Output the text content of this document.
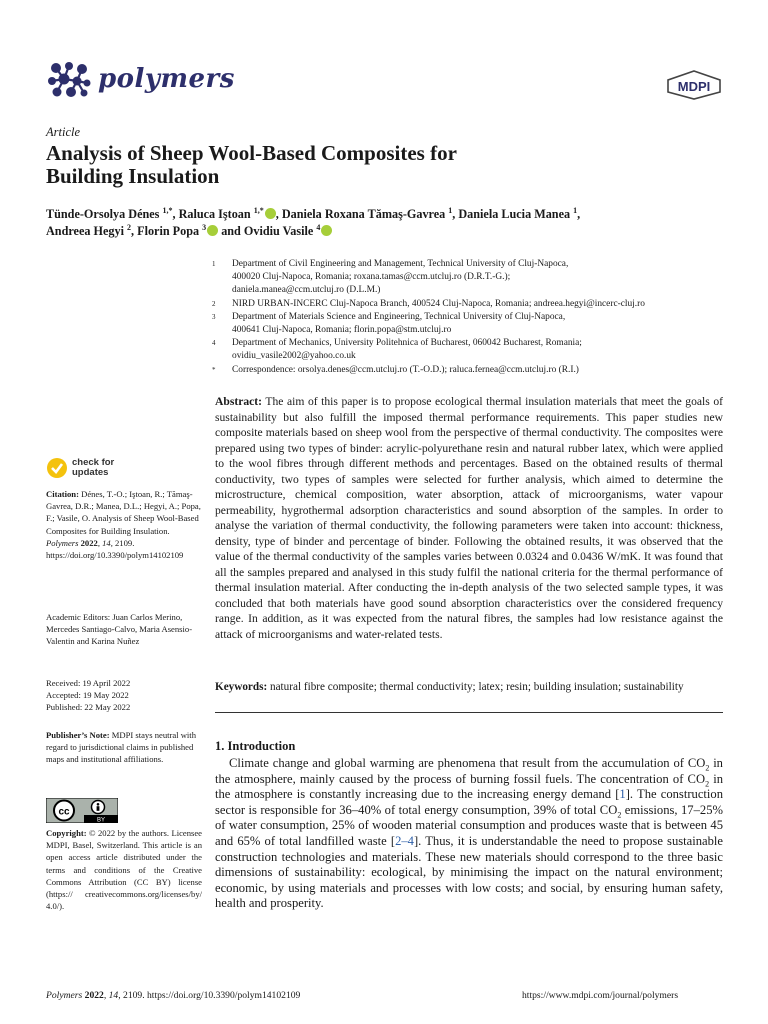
polymers	MDPI
Article
Analysis of Sheep Wool-Based Composites for
Building Insulation
Tünde-Orsolya Dénes $^{1,*}$, Raluca Iştoan $^{1,*}$ , Daniela Roxana Tămaş-Gavrea $^1$, Daniela Lucia Manea $^1$,
Andreea Hegyi $^2$, Florin Popa $^3$ and Ovidiu Vasile $^4$
1	Department of Civil Engineering and Management, Technical University of Cluj-Napoca,
400020 Cluj-Napoca, Romania; roxana.tamas@ccm.utcluj.ro (D.R.T.-G.);
daniela.manea@ccm.utcluj.ro (D.L.M.)
2	NIRD URBAN-INCERC Cluj-Napoca Branch, 400524 Cluj-Napoca, Romania; andreea.hegyi@incerc-cluj.ro
3	Department of Materials Science and Engineering, Technical University of Cluj-Napoca,
400641 Cluj-Napoca, Romania; florin.popa@stm.utcluj.ro
4	Department of Mechanics, University Politehnica of Bucharest, 060042 Bucharest, Romania;
ovidiu_vasile2002@yahoo.co.uk
*	Correspondence: orsolya.denes@ccm.utcluj.ro (T.-O.D.); raluca.fernea@ccm.utcluj.ro (R.I.)
Abstract: The aim of this paper is to propose ecological thermal insulation materials that meet the goals of sustainability but also fulfill the imposed thermal performance requirements. This paper studies new composite materials based on sheep wool from the perspective of thermal conductivity. The composites were prepared using two types of binder: acrylic-polyurethane resin and natural rubber latex, which were applied to the wool fibres through different methods and percentages. Based on the obtained results of thermal conductivity, two types of samples were selected for further analysis, which aimed to determine the microstructure, chemical composition, water absorption, attack of microorganisms, water vapour permeability, hygrothermal adsorption characteristics and sound absorption of the samples. In order to analyse the variation of thermal conductivity, the following parameters were taken into account: thickness, density, type of binder and percentage of binder. Following the obtained results, it was observed that the value of the thermal conductivity of the samples varies between 0.0324 and 0.0436 W/mK. It was found that all the samples prepared and analysed in this study fulfil the national criteria for the thermal performance of thermal insulation material. After conducting the in-depth analysis of the two selected sample types, it was concluded that both materials have good sound absorption characteristics over the considered frequency range. In addition, as it was expected from the natural fibres, the samples had low resistance against the attack of microorganisms and water-related tests.
Keywords: natural fibre composite; thermal conductivity; latex; resin; building insulation; sustainability
1. Introduction

Climate change and global warming are phenomena that result from the accumulation of $CO_2$ in the atmosphere, mainly caused by the process of burning fossil fuels. The concentration of $CO_2$ in the atmosphere is constantly increasing due to the increasing energy demand [1]. The construction sector is responsible for 36–40% of total energy consumption, 39% of total $CO_2$ emissions, 17–25% of water consumption, 25% of wooden material consumption and produces waste that is between 45 and 65% of total landfilled waste [2–4]. Thus, it is understandable the need to propose sustainable construction technologies and materials. These new materials should correspond to the three basic dimensions of sustainability: ecological, by minimising the impact on the natural environment; economic, by using materials and processes with low costs; and social, by ensuring human safety, health and prosperity.

check for
updates
Citation: Dénes, T.-O.; Iştoan, R.; Tămaş-Gavrea, D.R.; Manea, D.L.; Hegyi, A.; Popa, F.; Vasile, O. Analysis of Sheep Wool-Based Composites for Building Insulation. Polymers 2022, 14, 2109. https://doi.org/10.3390/polym14102109
Academic Editors: Juan Carlos Merino, Mercedes Santiago-Calvo, Maria Asensio-Valentin and Karina Nuñez
Received: 19 April 2022
Accepted: 19 May 2022
Published: 22 May 2022
Publisher’s Note: MDPI stays neutral with regard to jurisdictional claims in published maps and institutional affiliations.
cc
BY
Copyright: © 2022 by the authors. Licensee MDPI, Basel, Switzerland. This article is an open access article distributed under the terms and conditions of the Creative Commons Attribution (CC BY) license (https:// creativecommons.org/licenses/by/ 4.0/).
Polymers 2022, 14, 2109. https://doi.org/10.3390/polym14102109	https://www.mdpi.com/journal/polymers
